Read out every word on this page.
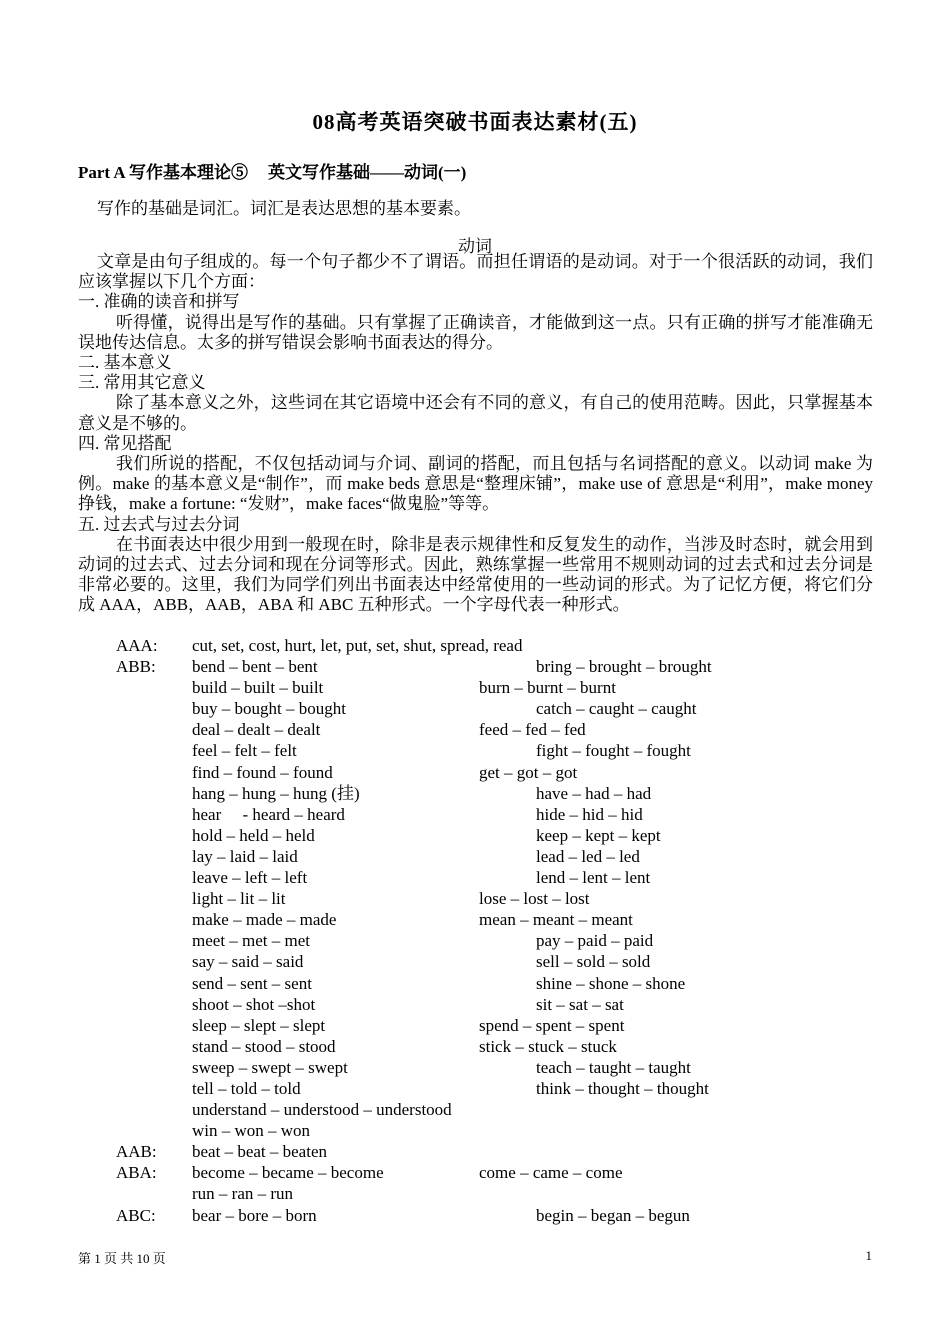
08高考英语突破书面表达素材(五)
Part A 写作基本理论⑤ 英文写作基础——动词(一)
写作的基础是词汇。词汇是表达思想的基本要素。
动词

文章是由句子组成的。每一个句子都少不了谓语。而担任谓语的是动词。对于一个很活跃的动词，我们应该掌握以下几个方面：

一. 准确的读音和拼写

听得懂，说得出是写作的基础。只有掌握了正确读音，才能做到这一点。只有正确的拼写才能准确无误地传达信息。太多的拼写错误会影响书面表达的得分。

二. 基本意义

三. 常用其它意义

除了基本意义之外，这些词在其它语境中还会有不同的意义，有自己的使用范畴。因此，只掌握基本意义是不够的。

四. 常见搭配

我们所说的搭配，不仅包括动词与介词、副词的搭配，而且包括与名词搭配的意义。以动词 make 为例。make 的基本意义是“制作”，而 make beds 意思是“整理床铺”，make use of 意思是“利用”，make money 挣钱，make a fortune: “发财”，make faces“做鬼脸”等等。

五. 过去式与过去分词

在书面表达中很少用到一般现在时，除非是表示规律性和反复发生的动作，当涉及时态时，就会用到动词的过去式、过去分词和现在分词等形式。因此，熟练掌握一些常用不规则动词的过去式和过去分词是非常必要的。这里，我们为同学们列出书面表达中经常使用的一些动词的形式。为了记忆方便，将它们分成 AAA，ABB，AAB，ABA 和 ABC 五种形式。一个字母代表一种形式。

AAA: cut, set, cost, hurt, let, put, set, shut, spread, read
ABB: bend – bent – bent	bring – brought – brought
build – built – built	burn – burnt – burnt
buy – bought – bought	catch – caught – caught
deal – dealt – dealt	feed – fed – fed
feel – felt – felt	fight – fought – fought
find – found – found	get – got – got
hang – hung – hung (挂)	have – had – had
hear     - heard – heard	hide – hid – hid
hold – held – held	keep – kept – kept
lay – laid – laid	lead – led – led
leave – left – left	lend – lent – lent
light – lit – lit	lose – lost – lost
make – made – made	mean – meant – meant
meet – met – met	pay – paid – paid
say – said – said	sell – sold – sold
send – sent – sent	shine – shone – shone
shoot – shot –shot	sit – sat – sat
sleep – slept – slept	spend – spent – spent
stand – stood – stood	stick – stuck – stuck
sweep – swept – swept	teach – taught – taught
tell – told – told	think – thought – thought
understand – understood – understood
win – won – won
AAB: beat – beat – beaten
ABA: become – became – become	come – came – come
run – ran – run
ABC: bear – bore – born	begin – began – begun
第 1 页 共 10 页	1
